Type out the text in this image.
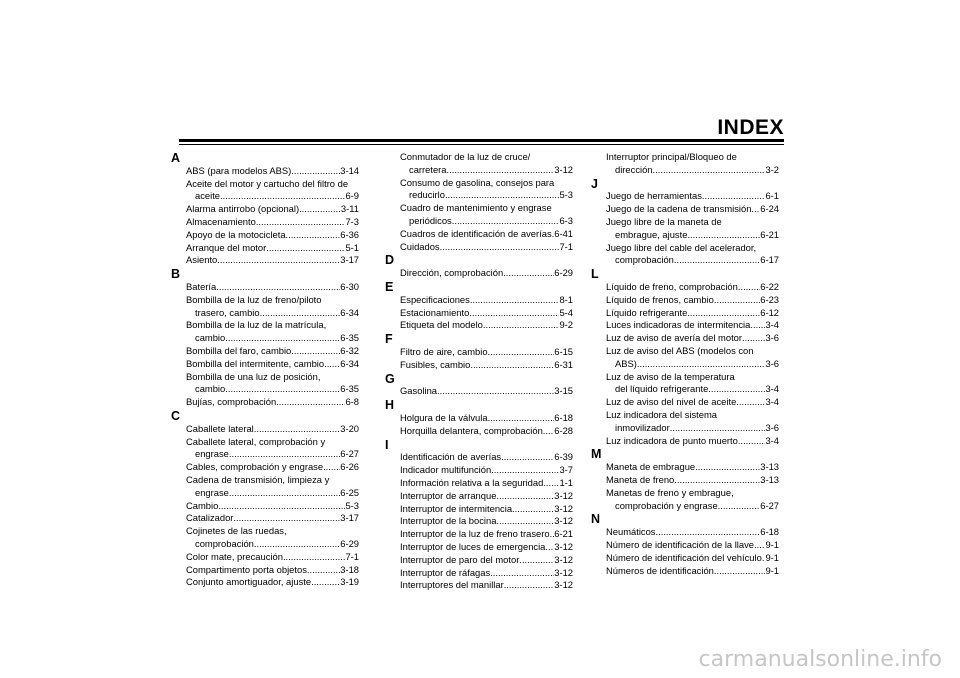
INDEX
A
ABS (para modelos ABS) .....	3-14
Aceite del motor y cartucho del filtro de
aceite .....	6-9
Alarma antirrobo (opcional) .....	3-11
Almacenamiento .....	7-3
Apoyo de la motocicleta .....	6-36
Arranque del motor .....	5-1
Asiento .....	3-17
B
Batería .....	6-30
Bombilla de la luz de freno/piloto
trasero, cambio .....	6-34
Bombilla de la luz de la matrícula,
cambio .....	6-35
Bombilla del faro, cambio .....	6-32
Bombilla del intermitente, cambio ..... 6-34
Bombilla de una luz de posición,
cambio .....	6-35
Bujías, comprobación .....	6-8
C
Caballete lateral .....	3-20
Caballete lateral, comprobación y
engrase .....	6-27
Cables, comprobación y engrase ..... 6-26
Cadena de transmisión, limpieza y
engrase .....	6-25
Cambio .....	5-3
Catalizador .....	3-17
Cojinetes de las ruedas,
comprobación .....	6-29
Color mate, precaución .....	7-1
Compartimento porta objetos .....	3-18
Conjunto amortiguador, ajuste .....	3-19
Conmutador de la luz de cruce/
carretera .....	3-12
Consumo de gasolina, consejos para
reducirlo .....	5-3
Cuadro de mantenimiento y engrase
periódicos .....	6-3
Cuadros de identificación de averías ..... 6-41
Cuidados .....	7-1
D
Dirección, comprobación .....	6-29
E
Especificaciones .....	8-1
Estacionamiento .....	5-4
Etiqueta del modelo .....	9-2
F
Filtro de aire, cambio .....	6-15
Fusibles, cambio .....	6-31
G
Gasolina .....	3-15
H
Holgura de la válvula .....	6-18
Horquilla delantera, comprobación ..... 6-28
I
Identificación de averías .....	6-39
Indicador multifunción .....	3-7
Información relativa a la seguridad ..... 1-1
Interruptor de arranque .....	3-12
Interruptor de intermitencia .....	3-12
Interruptor de la bocina .....	3-12
Interruptor de la luz de freno trasero ..... 6-21
Interruptor de luces de emergencia ..... 3-12
Interruptor de paro del motor .....	3-12
Interruptor de ráfagas .....	3-12
Interruptores del manillar .....	3-12
Interruptor principal/Bloqueo de
dirección .....	3-2
J
Juego de herramientas .....	6-1
Juego de la cadena de transmisión ..... 6-24
Juego libre de la maneta de
embrague, ajuste .....	6-21
Juego libre del cable del acelerador,
comprobación .....	6-17
L
Líquido de freno, comprobación ..... 6-22
Líquido de frenos, cambio .....	6-23
Líquido refrigerante .....	6-12
Luces indicadoras de intermitencia ..... 3-4
Luz de aviso de avería del motor ..... 3-6
Luz de aviso del ABS (modelos con
ABS) .....	3-6
Luz de aviso de la temperatura
del líquido refrigerante .....	3-4
Luz de aviso del nivel de aceite .....	3-4
Luz indicadora del sistema
inmovilizador .....	3-6
Luz indicadora de punto muerto .....	3-4
M
Maneta de embrague .....	3-13
Maneta de freno .....	3-13
Manetas de freno y embrague,
comprobación y engrase .....	6-27
N
Neumáticos .....	6-18
Número de identificación de la llave ..... 9-1
Número de identificación del vehículo ..... 9-1
Números de identificación .....	9-1
carmanualsonline.info
